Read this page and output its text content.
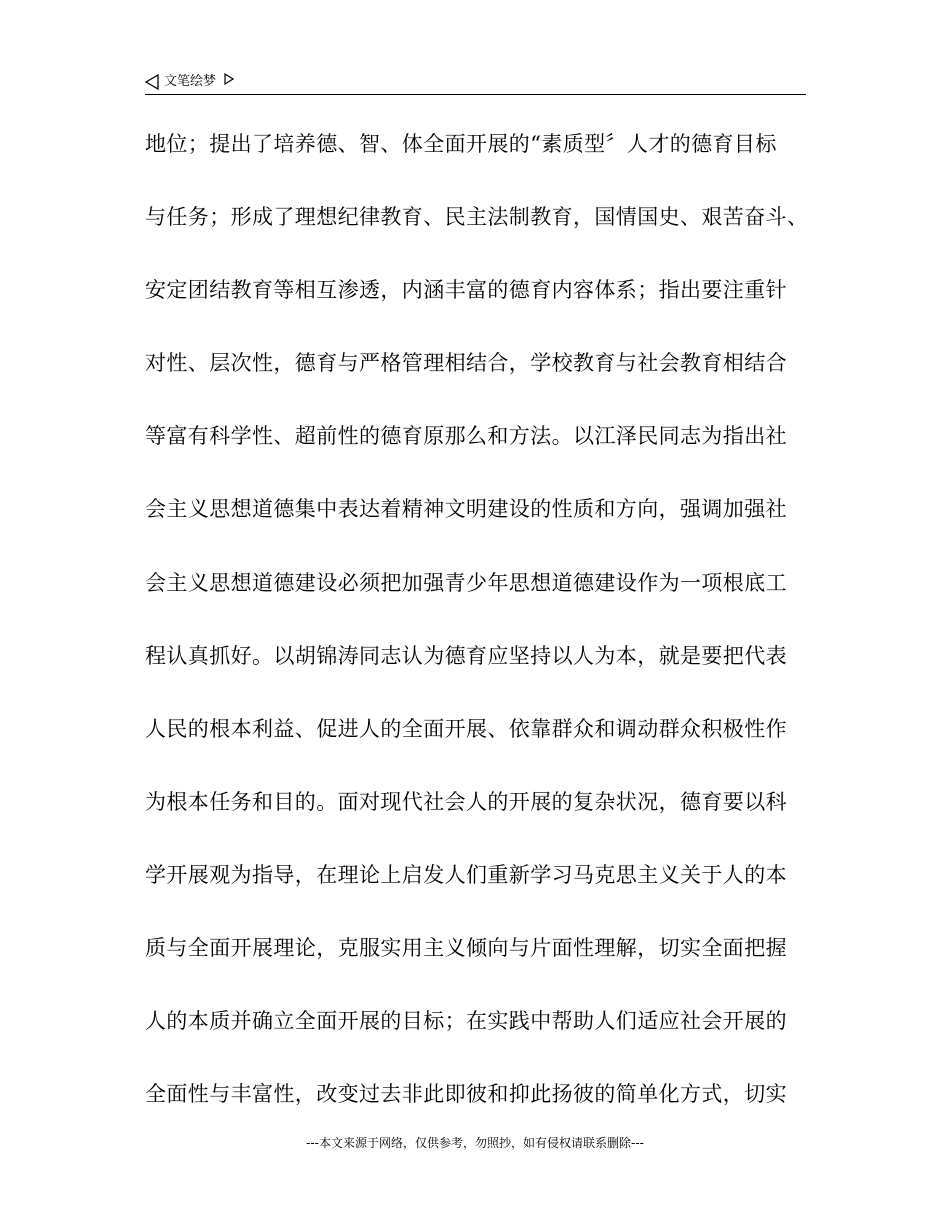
文笔绘梦
地位；提出了培养德、智、体全面开展的“素质型〞人才的德育目标
与任务；形成了理想纪律教育、民主法制教育，国情国史、艰苦奋斗、
安定团结教育等相互渗透，内涵丰富的德育内容体系；指出要注重针
对性、层次性，德育与严格管理相结合，学校教育与社会教育相结合
等富有科学性、超前性的德育原那么和方法。以江泽民同志为指出社
会主义思想道德集中表达着精神文明建设的性质和方向，强调加强社
会主义思想道德建设必须把加强青少年思想道德建设作为一项根底工
程认真抓好。以胡锦涛同志认为德育应坚持以人为本，就是要把代表
人民的根本利益、促进人的全面开展、依靠群众和调动群众积极性作
为根本任务和目的。面对现代社会人的开展的复杂状况，德育要以科
学开展观为指导，在理论上启发人们重新学习马克思主义关于人的本
质与全面开展理论，克服实用主义倾向与片面性理解，切实全面把握
人的本质并确立全面开展的目标；在实践中帮助人们适应社会开展的
全面性与丰富性，改变过去非此即彼和抑此扬彼的简单化方式，切实
---本文来源于网络，仅供参考，勿照抄，如有侵权请联系删除---
